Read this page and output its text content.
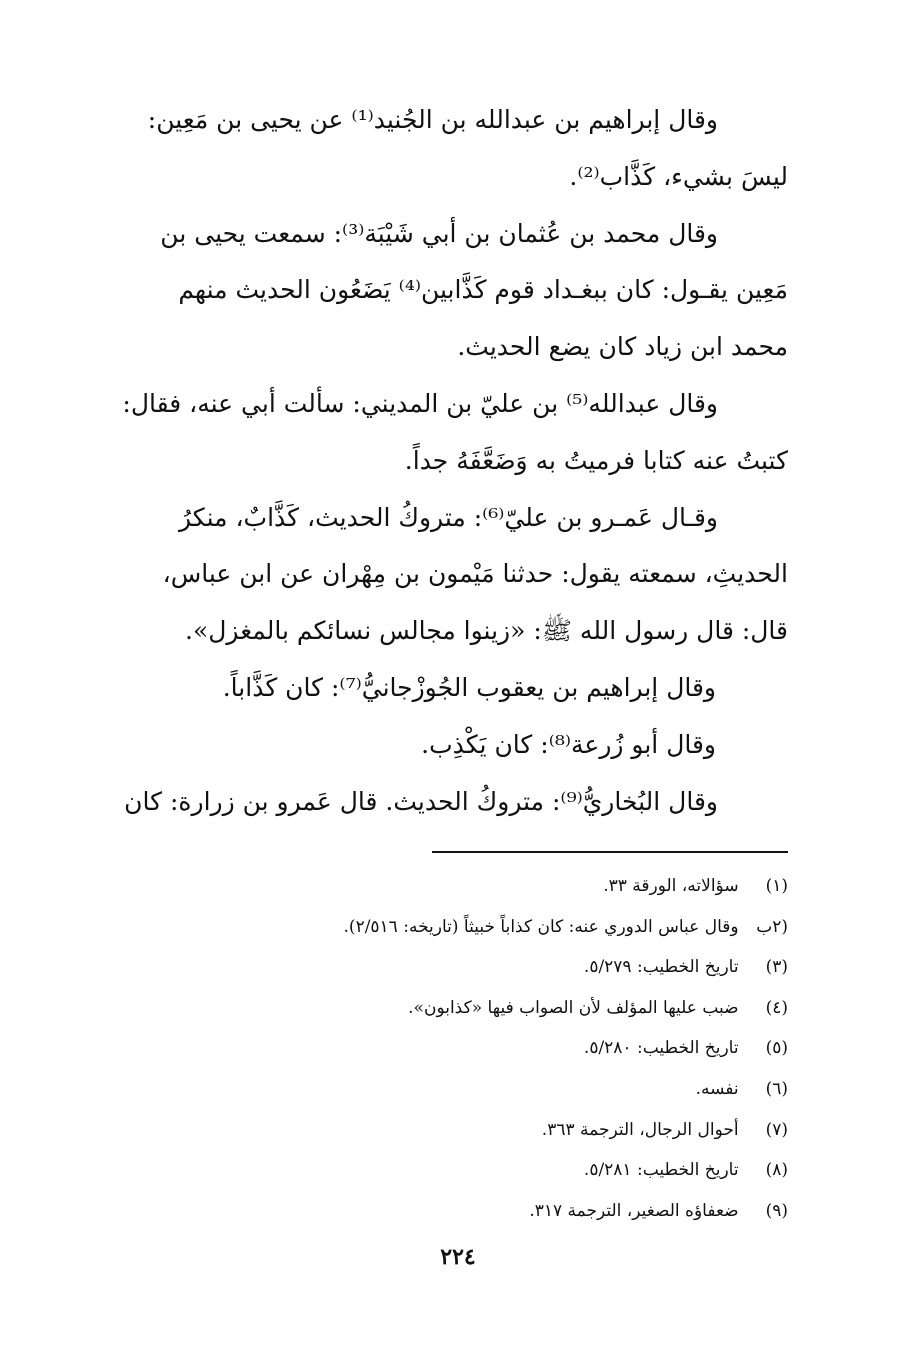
وقال إبراهيم بن عبدالله بن الجُنيد⁽¹⁾ عن يحيى بن مَعِين:
ليسَ بشيء، كَذَّاب⁽²⁾.
وقال محمد بن عُثمان بن أبي شَيْبَة⁽³⁾: سمعت يحيى بن
مَعِين يقـول: كان ببغـداد قوم كَذَّابين⁽⁴⁾ يَضَعُون الحديث منهم
محمد ابن زياد كان يضع الحديث.
وقال عبدالله⁽⁵⁾ بن عليّ بن المديني: سألت أبي عنه، فقال:
كتبتُ عنه كتابا فرميتُ به وَضَعَّفَهُ جداً.
وقـال عَمـرو بن عليّ⁽⁶⁾: متروكُ الحديث، كَذَّابٌ، منكرُ
الحديثِ، سمعته يقول: حدثنا مَيْمون بن مِهْران عن ابن عباس،
قال: قال رسول الله ﷺ: «زينوا مجالس نسائكم بالمغزل».
وقال إبراهيم بن يعقوب الجُوزْجانيُّ⁽⁷⁾: كان كَذَّاباً.
وقال أبو زُرعة⁽⁸⁾: كان يَكْذِب.
وقال البُخاريُّ⁽⁹⁾: متروكُ الحديث. قال عَمرو بن زرارة: كان
(١) سؤالاته، الورقة ٣٣.
(٢ب وقال عباس الدوري عنه: كان كذاباً خبيثاً (تاريخه: ٢/٥١٦).
(٣) تاريخ الخطيب: ٥/٢٧٩.
(٤) ضبب عليها المؤلف لأن الصواب فيها «كذابون».
(٥) تاريخ الخطيب: ٥/٢٨٠.
(٦) نفسه.
(٧) أحوال الرجال، الترجمة ٣٦٣.
(٨) تاريخ الخطيب: ٥/٢٨١.
(٩) ضعفاؤه الصغير، الترجمة ٣١٧.
٢٢٤
